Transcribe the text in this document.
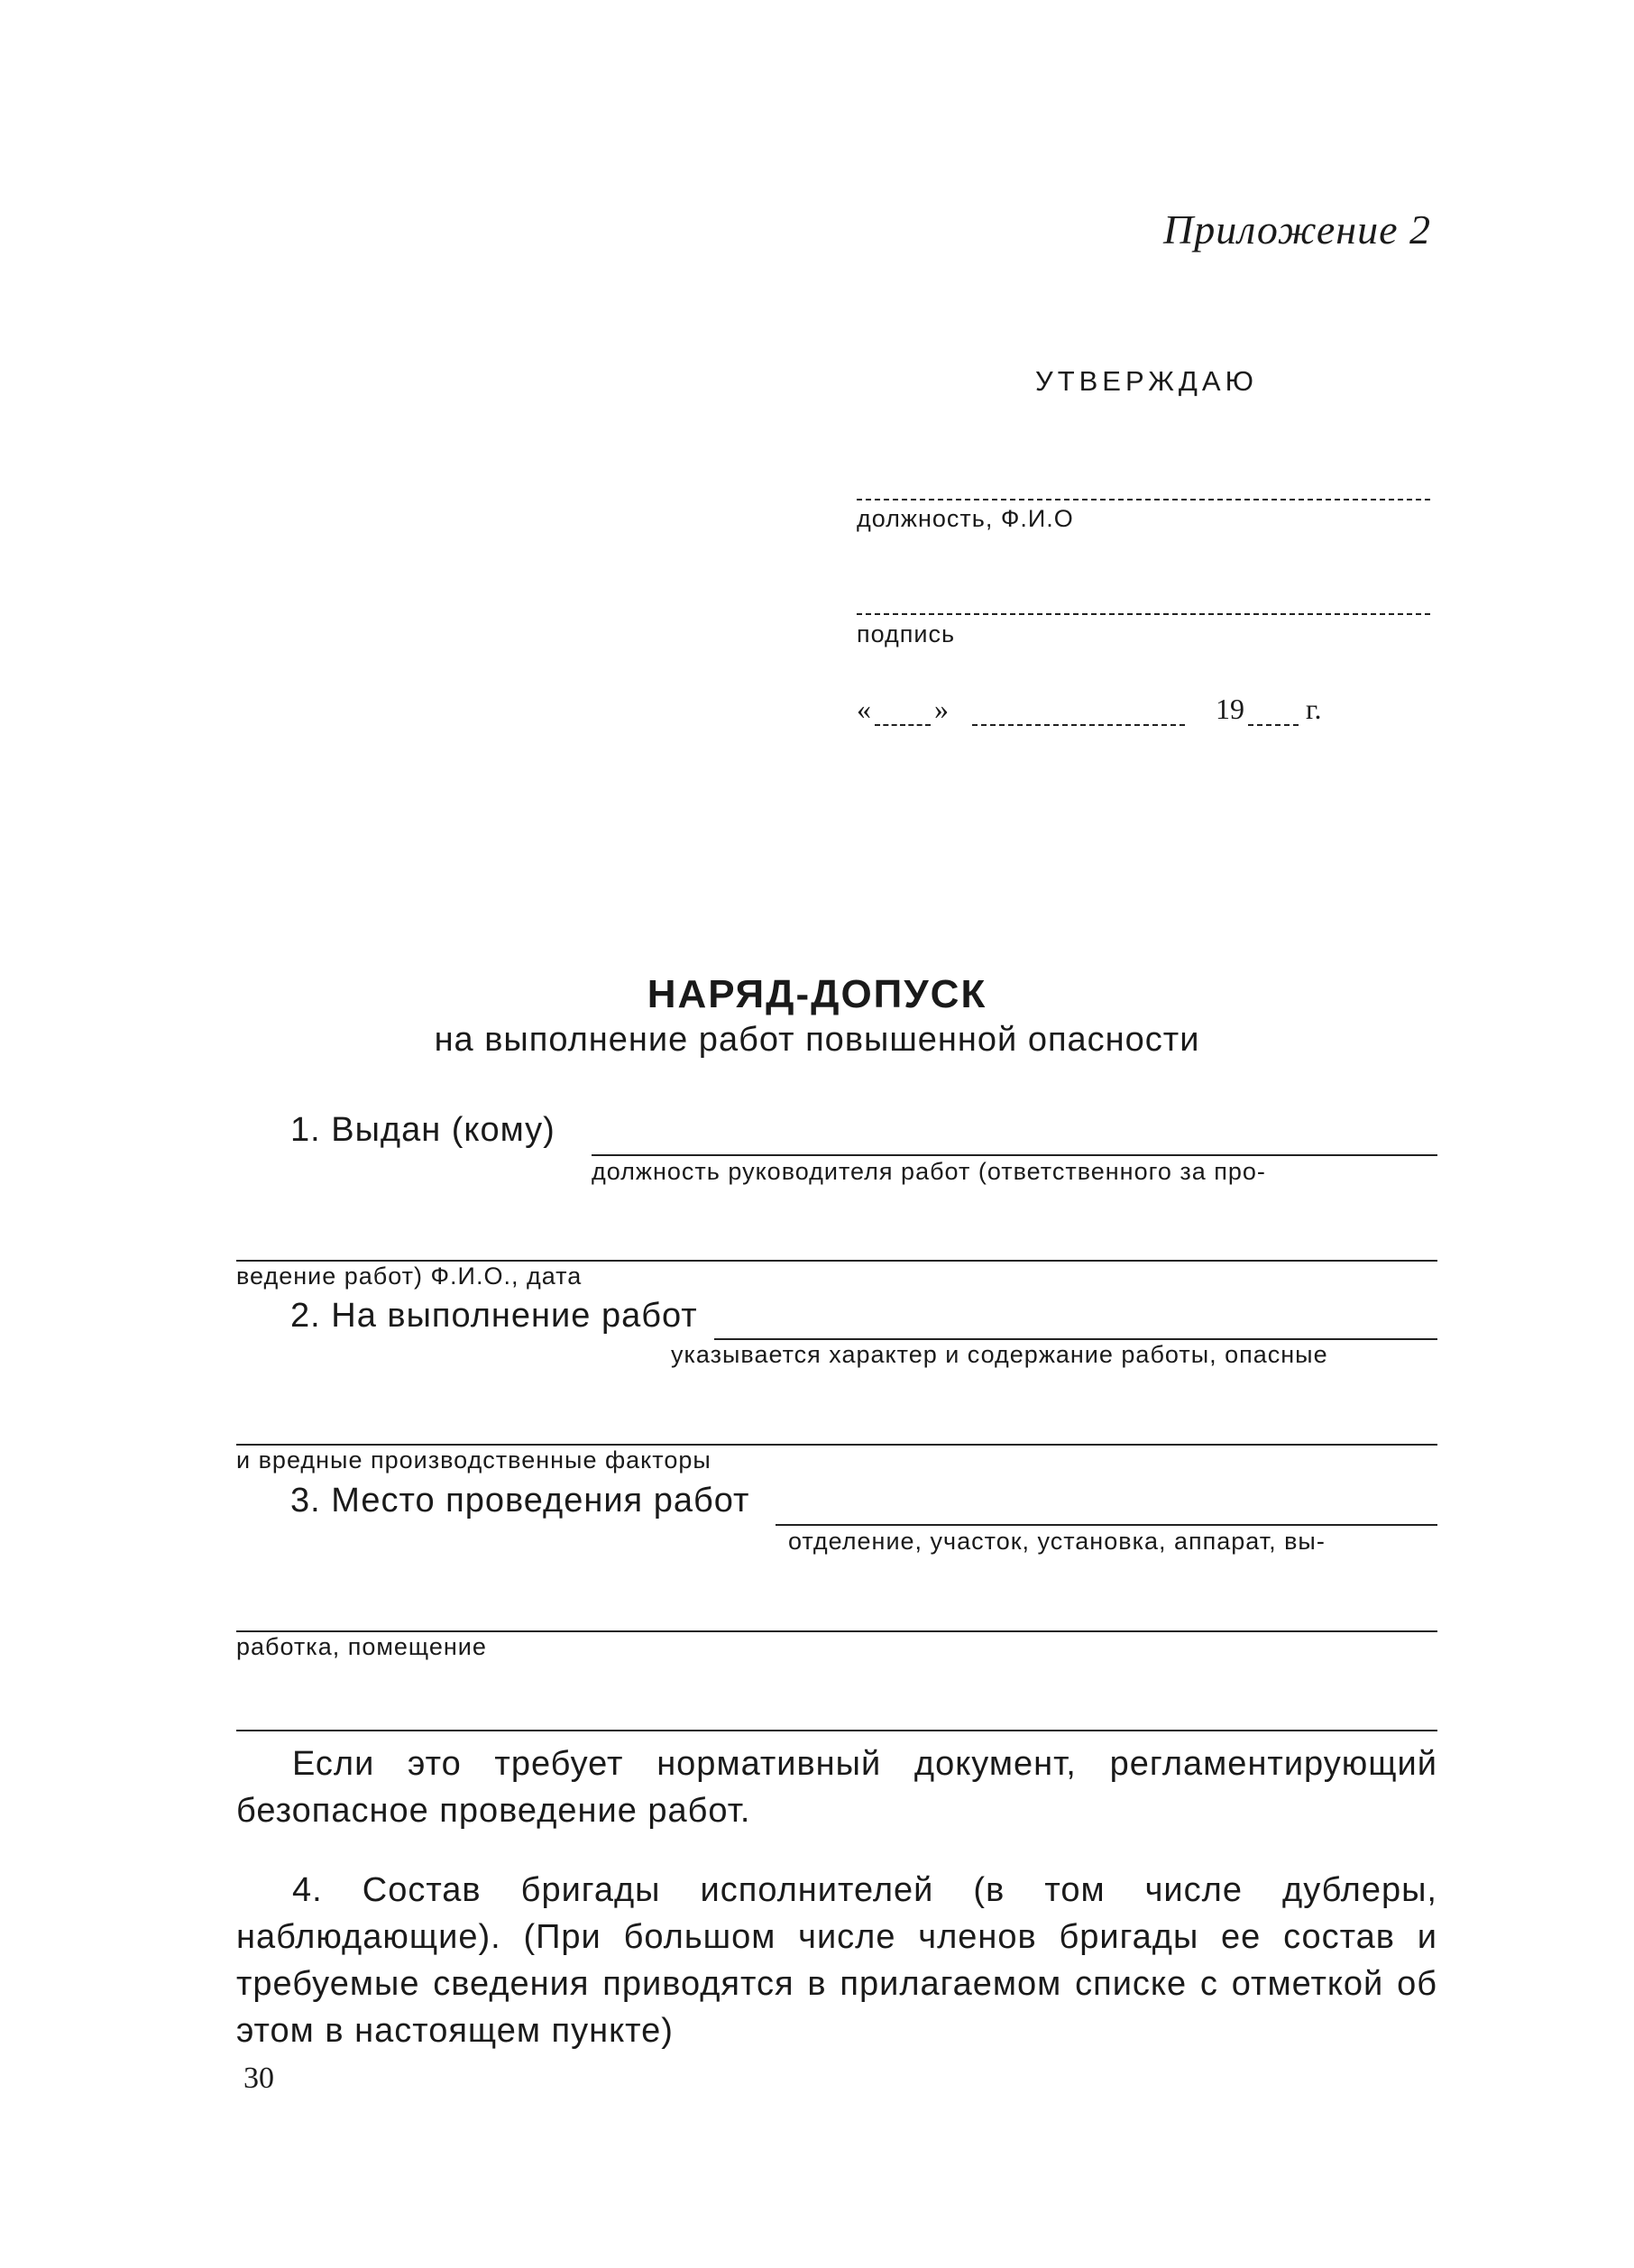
Приложение 2
УТВЕРЖДАЮ
должность, Ф.И.О
подпись
« »	19 г.
НАРЯД-ДОПУСК
на выполнение работ повышенной опасности
1. Выдан (кому)
должность руководителя работ (ответственного за про-
ведение работ) Ф.И.О., дата
2. На выполнение работ
указывается характер и содержание работы, опасные
и вредные производственные факторы
3. Место проведения работ
отделение, участок, установка, аппарат, вы-
работка, помещение
Если это требует нормативный документ, регламентирующий безопасное проведение работ.
4. Состав бригады исполнителей (в том числе дублеры, наблюдающие). (При большом числе членов бригады ее состав и требуемые сведения приводятся в прилагаемом списке с отметкой об этом в настоящем пункте)
30
